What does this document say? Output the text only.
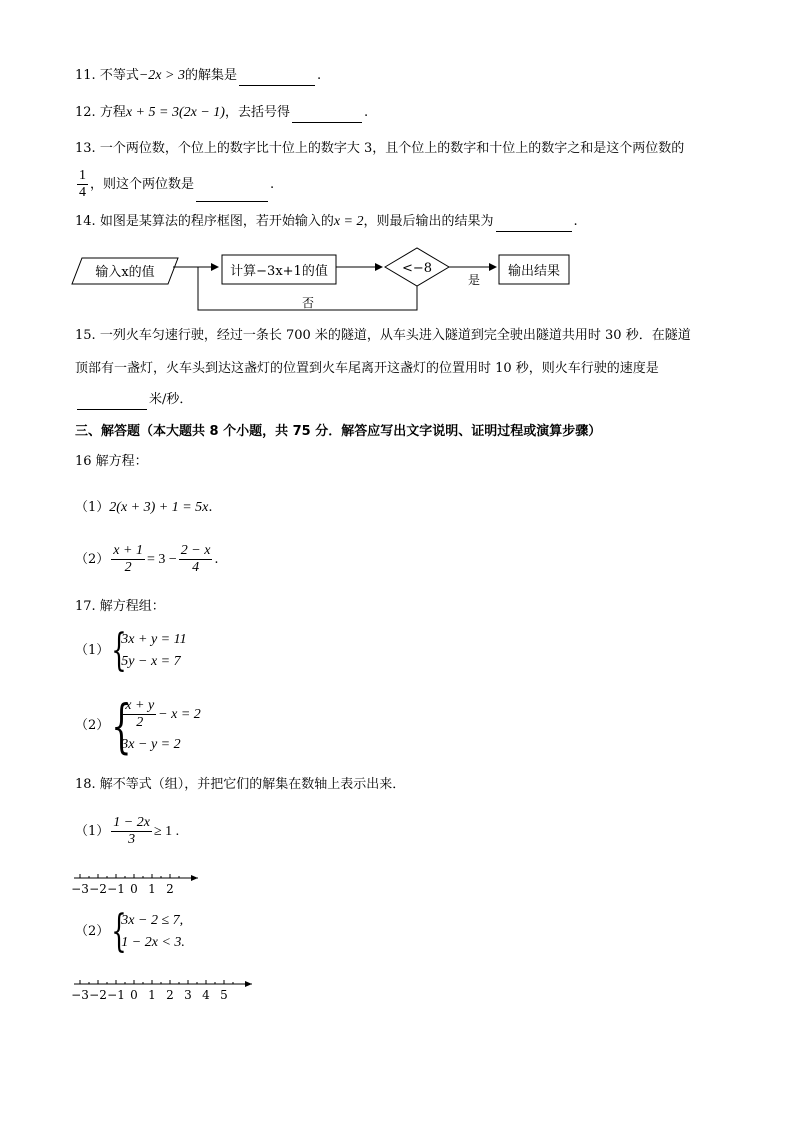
11. 不等式−2x > 3的解集是	.
12. 方程x + 5 = 3(2x − 1)，去括号得	.
13. 一个两位数，个位上的数字比十位上的数字大 3，且个位上的数字和十位上的数字之和是这个两位数的
$\frac{1}{4}$ ，则这个两位数是	.
14. 如图是某算法的程序框图，若开始输入的x = 2，则最后输出的结果为	.
输入x的值	计算−3x+1的值	<−8
是
输出结果
否
15. 一列火车匀速行驶，经过一条长 700 米的隧道，从车头进入隧道到完全驶出隧道共用时 30 秒．在隧道
顶部有一盏灯，火车头到达这盏灯的位置到火车尾离开这盏灯的位置用时 10 秒，则火车行驶的速度是
米/秒．
三、解答题（本大题共 8 个小题，共 75 分．解答应写出文字说明、证明过程或演算步骤）
16 解方程：
（1）2(x + 3) + 1 = 5x.
$(2) \frac{x + 1}{2} = 3 - \frac{2 - x}{4}$ .
17. 解方程组：
（1） {
3x + y = 11
5y − x = 7
（2） {
$\frac{x + y}{2} - x = 2$
3x − y = 2
18. 解不等式（组），并把它们的解集在数轴上表示出来．
$(1) \frac{1 - 2x}{3} \ge 1$ .
−3 −2 −1 0 1 2
（2） {
3x − 2 ≤ 7,
1 − 2x < 3.
−3 −2 −1 0 1 2 3 4 5
